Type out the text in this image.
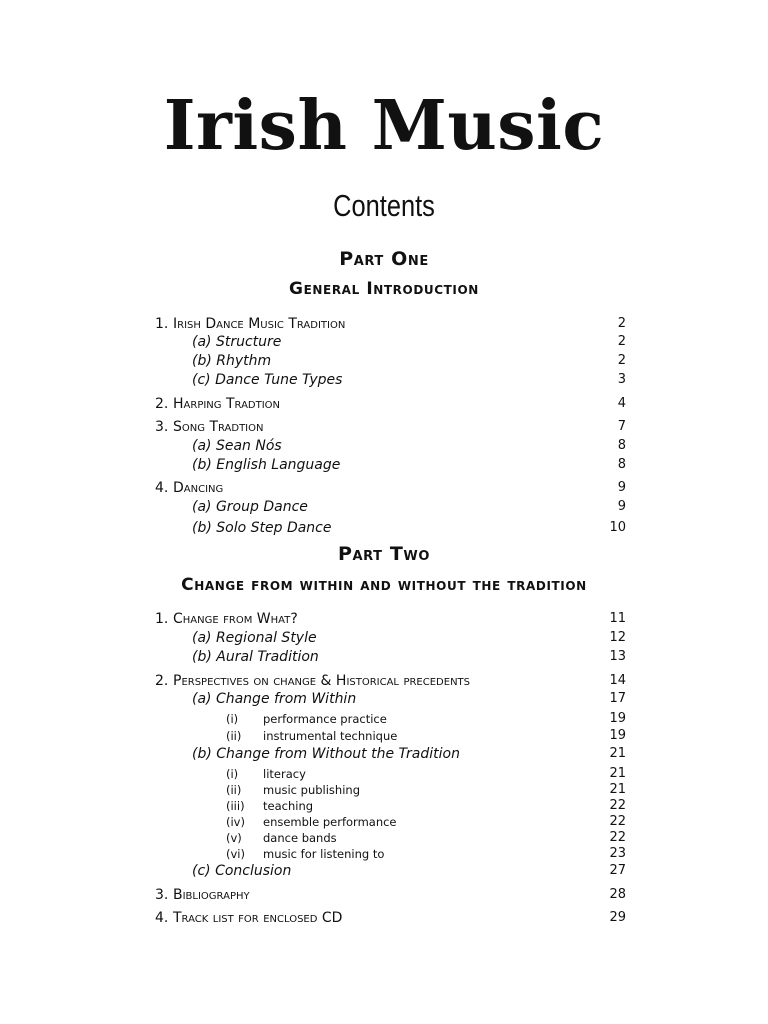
Irish Music
Contents
Part One
General Introduction
1. Irish Dance Music Tradition	2
(a) Structure	2
(b) Rhythm	2
(c) Dance Tune Types	3
2. Harping Tradtion	4
3. Song Tradtion	7
(a) Sean Nós	8
(b) English Language	8
4. Dancing	9
(a) Group Dance	9
(b) Solo Step Dance	10
Part Two
Change from within and without the tradition
1. Change from What?	11
(a) Regional Style	12
(b) Aural Tradition	13
2. Perspectives on change & Historical precedents	14
(a) Change from Within	17
(i) performance practice	19
(ii) instrumental technique	19
(b) Change from Without the Tradition	21
(i) literacy	21
(ii) music publishing	21
(iii) teaching	22
(iv) ensemble performance	22
(v) dance bands	22
(vi) music for listening to	23
(c) Conclusion	27
3. Bibliography	28
4. Track list for enclosed CD	29
